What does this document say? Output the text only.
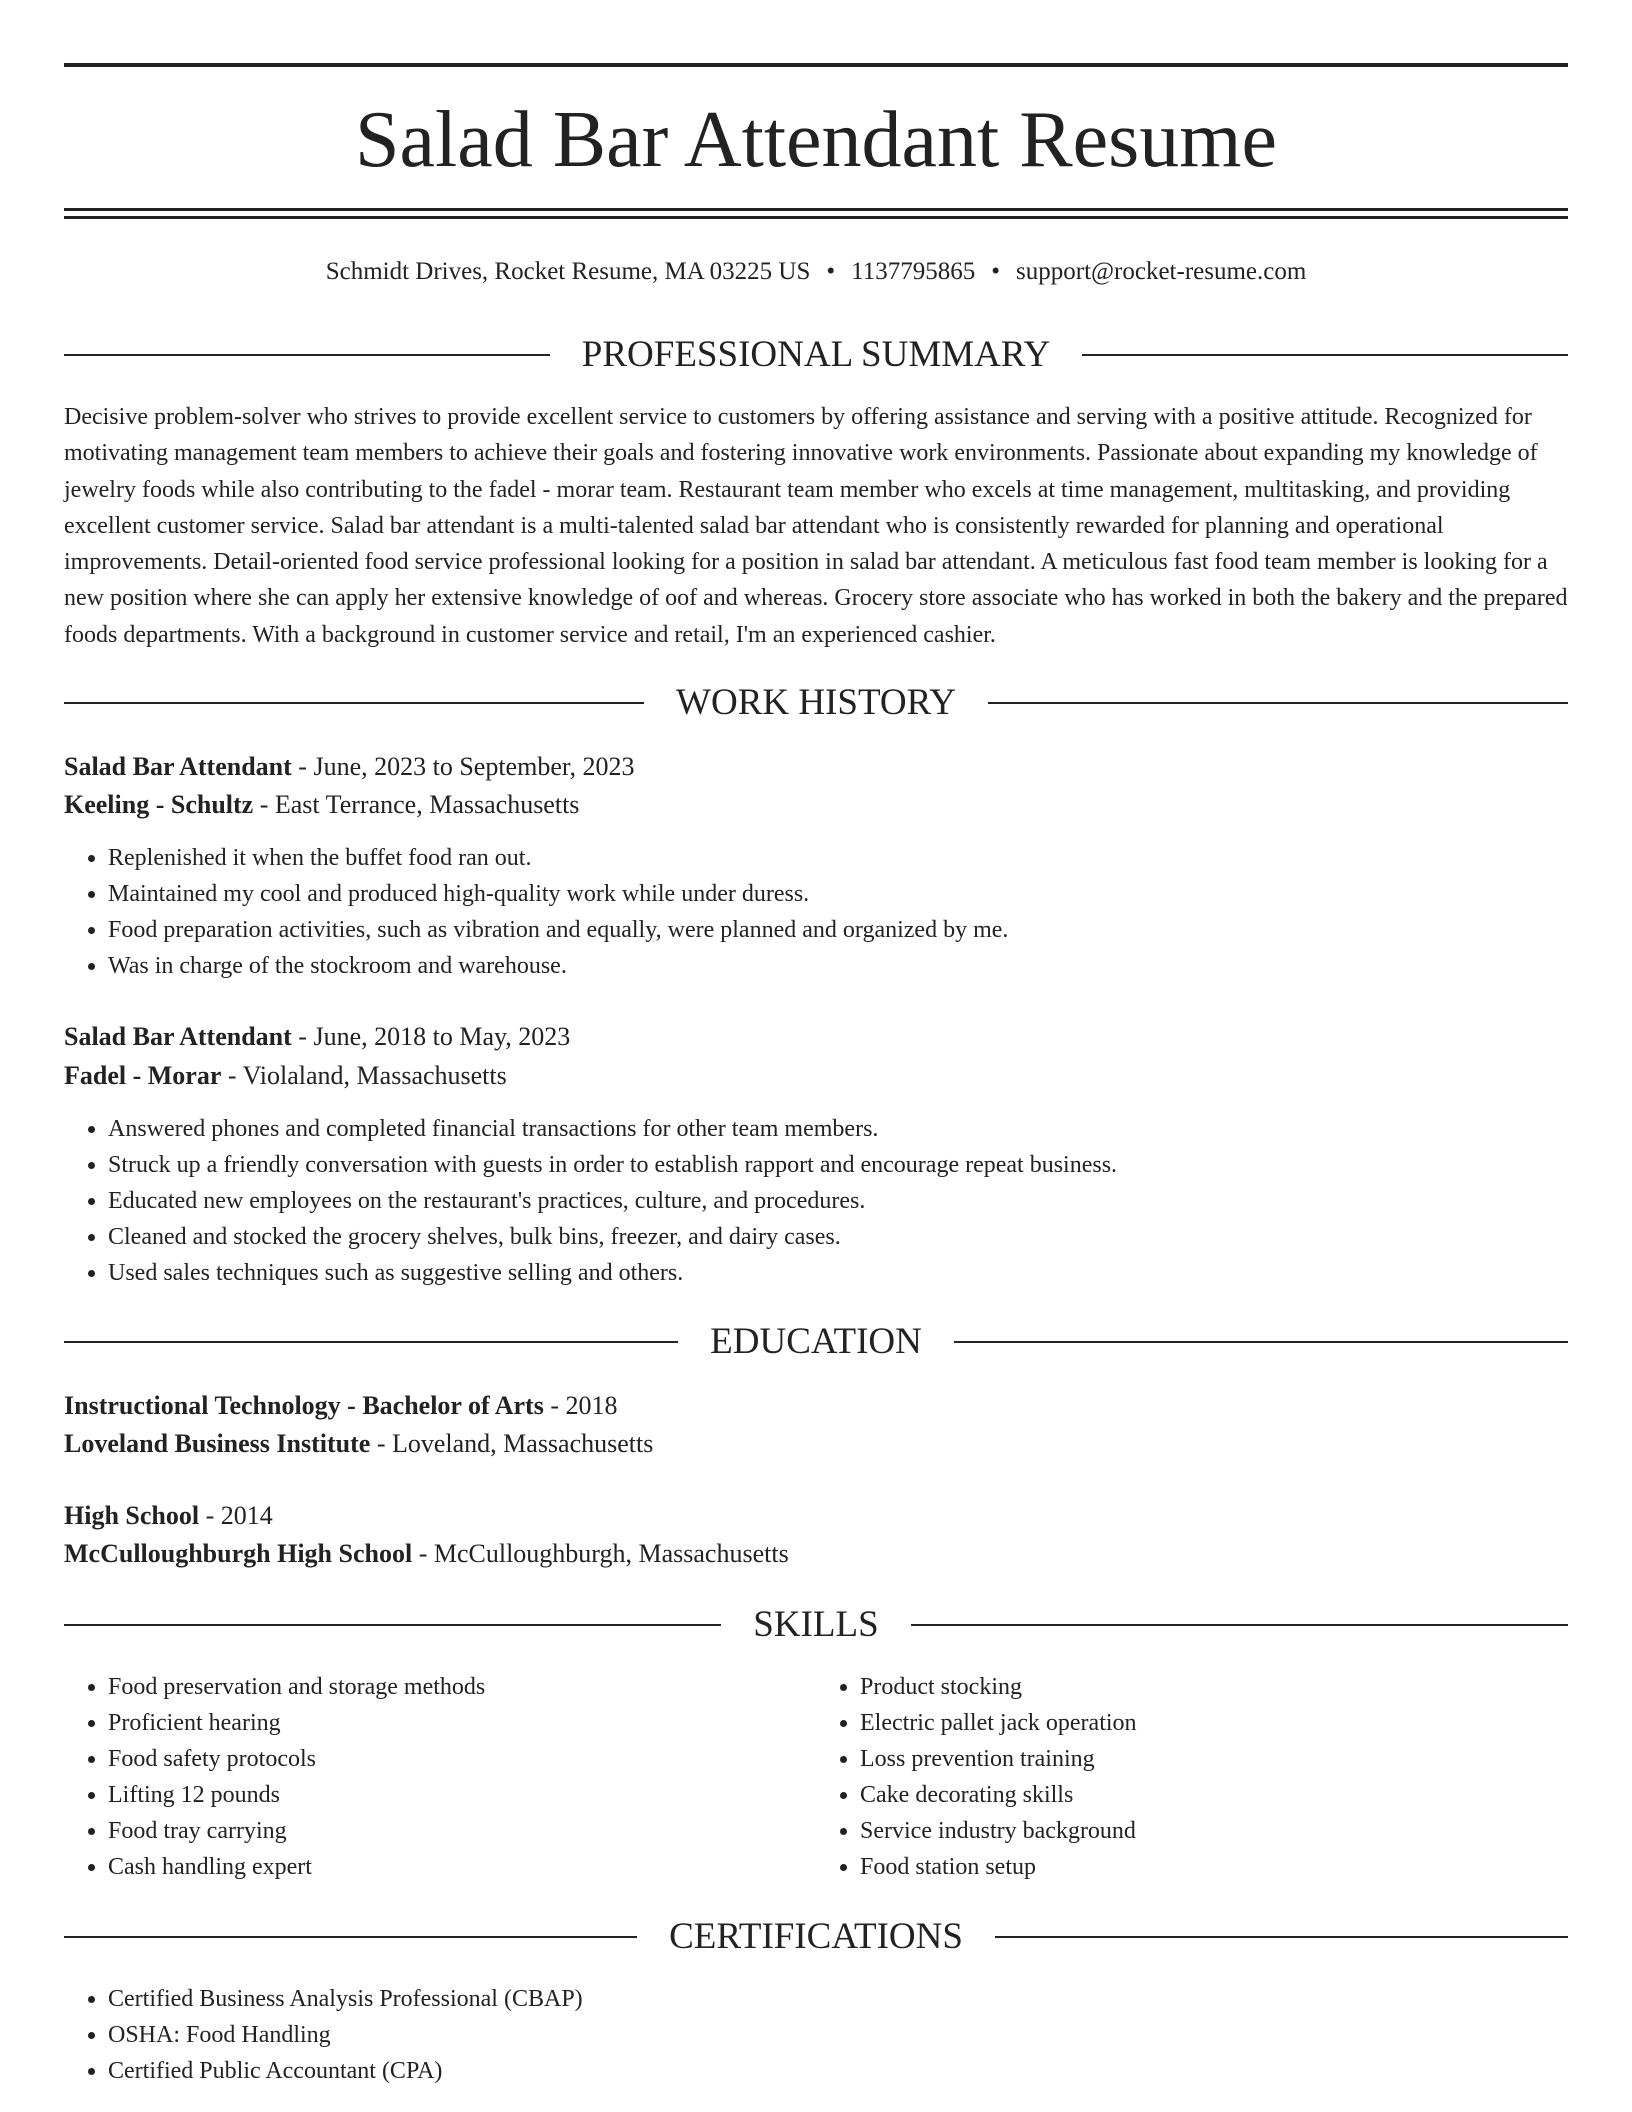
Salad Bar Attendant Resume
Schmidt Drives, Rocket Resume, MA 03225 US • 1137795865 • support@rocket-resume.com
PROFESSIONAL SUMMARY

Decisive problem-solver who strives to provide excellent service to customers by offering assistance and serving with a positive attitude. Recognized for motivating management team members to achieve their goals and fostering innovative work environments. Passionate about expanding my knowledge of jewelry foods while also contributing to the fadel - morar team. Restaurant team member who excels at time management, multitasking, and providing excellent customer service. Salad bar attendant is a multi-talented salad bar attendant who is consistently rewarded for planning and operational improvements. Detail-oriented food service professional looking for a position in salad bar attendant. A meticulous fast food team member is looking for a new position where she can apply her extensive knowledge of oof and whereas. Grocery store associate who has worked in both the bakery and the prepared foods departments. With a background in customer service and retail, I'm an experienced cashier.

WORK HISTORY

Salad Bar Attendant - June, 2023 to September, 2023

Keeling - Schultz - East Terrance, Massachusetts

• Replenished it when the buffet food ran out.
• Maintained my cool and produced high-quality work while under duress.
• Food preparation activities, such as vibration and equally, were planned and organized by me.
• Was in charge of the stockroom and warehouse.

Salad Bar Attendant - June, 2018 to May, 2023

Fadel - Morar - Violaland, Massachusetts

• Answered phones and completed financial transactions for other team members.
• Struck up a friendly conversation with guests in order to establish rapport and encourage repeat business.
• Educated new employees on the restaurant's practices, culture, and procedures.
• Cleaned and stocked the grocery shelves, bulk bins, freezer, and dairy cases.
• Used sales techniques such as suggestive selling and others.
EDUCATION

Instructional Technology - Bachelor of Arts - 2018

Loveland Business Institute - Loveland, Massachusetts

High School - 2014

McCulloughburgh High School - McCulloughburgh, Massachusetts

SKILLS
• Food preservation and storage methods
• Proficient hearing
• Food safety protocols
• Lifting 12 pounds
• Food tray carrying
• Cash handling expert
• Product stocking
• Electric pallet jack operation
• Loss prevention training
• Cake decorating skills
• Service industry background
• Food station setup
CERTIFICATIONS
• Certified Business Analysis Professional (CBAP)
• OSHA: Food Handling
• Certified Public Accountant (CPA)
